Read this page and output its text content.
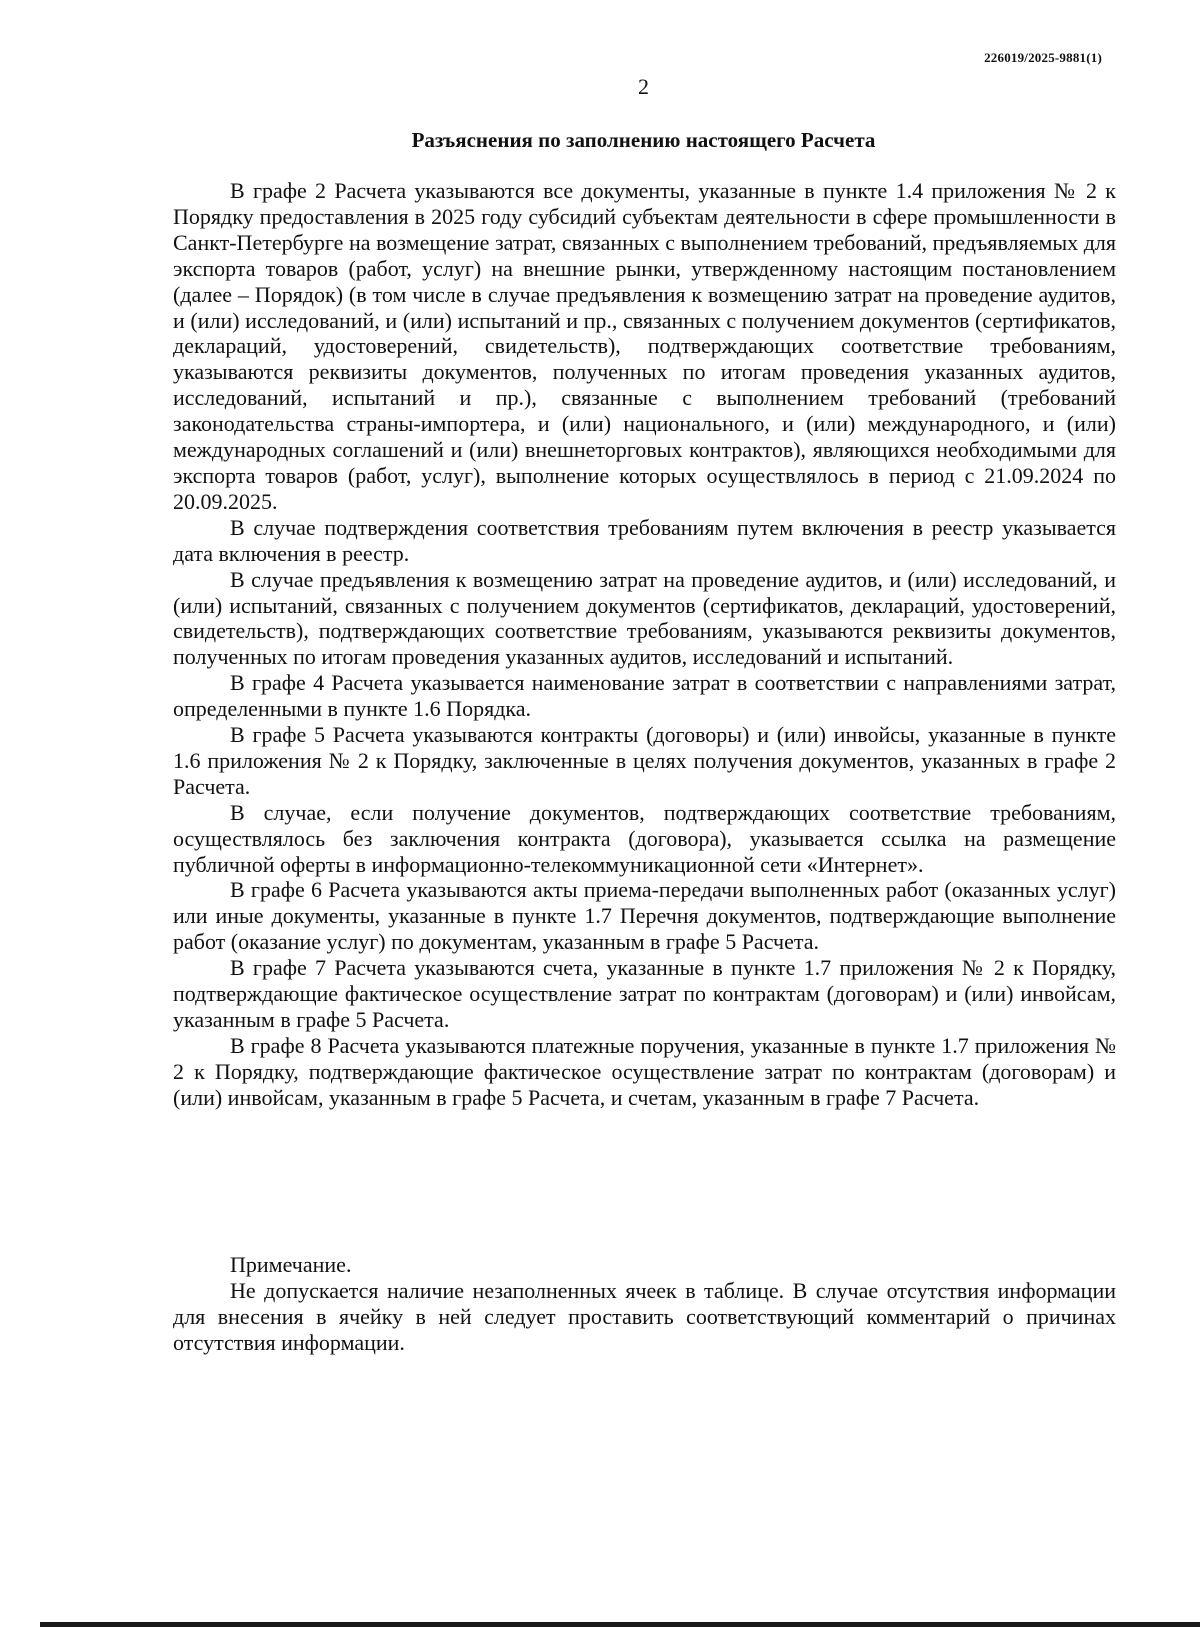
226019/2025-9881(1)
2
Разъяснения по заполнению настоящего Расчета

В графе 2 Расчета указываются все документы, указанные в пункте 1.4 приложения № 2 к Порядку предоставления в 2025 году субсидий субъектам деятельности в сфере промышленности в Санкт-Петербурге на возмещение затрат, связанных с выполнением требований, предъявляемых для экспорта товаров (работ, услуг) на внешние рынки, утвержденному настоящим постановлением (далее – Порядок) (в том числе в случае предъявления к возмещению затрат на проведение аудитов, и (или) исследований, и (или) испытаний и пр., связанных с получением документов (сертификатов, деклараций, удостоверений, свидетельств), подтверждающих соответствие требованиям, указываются реквизиты документов, полученных по итогам проведения указанных аудитов, исследований, испытаний и пр.), связанные с выполнением требований (требований законодательства страны-импортера, и (или) национального, и (или) международного, и (или) международных соглашений и (или) внешнеторговых контрактов), являющихся необходимыми для экспорта товаров (работ, услуг), выполнение которых осуществлялось в период с 21.09.2024 по 20.09.2025.

В случае подтверждения соответствия требованиям путем включения в реестр указывается дата включения в реестр.

В случае предъявления к возмещению затрат на проведение аудитов, и (или) исследований, и (или) испытаний, связанных с получением документов (сертификатов, деклараций, удостоверений, свидетельств), подтверждающих соответствие требованиям, указываются реквизиты документов, полученных по итогам проведения указанных аудитов, исследований и испытаний.

В графе 4 Расчета указывается наименование затрат в соответствии с направлениями затрат, определенными в пункте 1.6 Порядка.

В графе 5 Расчета указываются контракты (договоры) и (или) инвойсы, указанные в пункте 1.6 приложения № 2 к Порядку, заключенные в целях получения документов, указанных в графе 2 Расчета.

В случае, если получение документов, подтверждающих соответствие требованиям, осуществлялось без заключения контракта (договора), указывается ссылка на размещение публичной оферты в информационно-телекоммуникационной сети «Интернет».

В графе 6 Расчета указываются акты приема-передачи выполненных работ (оказанных услуг) или иные документы, указанные в пункте 1.7 Перечня документов, подтверждающие выполнение работ (оказание услуг) по документам, указанным в графе 5 Расчета.

В графе 7 Расчета указываются счета, указанные в пункте 1.7 приложения № 2 к Порядку, подтверждающие фактическое осуществление затрат по контрактам (договорам) и (или) инвойсам, указанным в графе 5 Расчета.

В графе 8 Расчета указываются платежные поручения, указанные в пункте 1.7 приложения № 2 к Порядку, подтверждающие фактическое осуществление затрат по контрактам (договорам) и (или) инвойсам, указанным в графе 5 Расчета, и счетам, указанным в графе 7 Расчета.

Примечание.

Не допускается наличие незаполненных ячеек в таблице. В случае отсутствия информации для внесения в ячейку в ней следует проставить соответствующий комментарий о причинах отсутствия информации.
